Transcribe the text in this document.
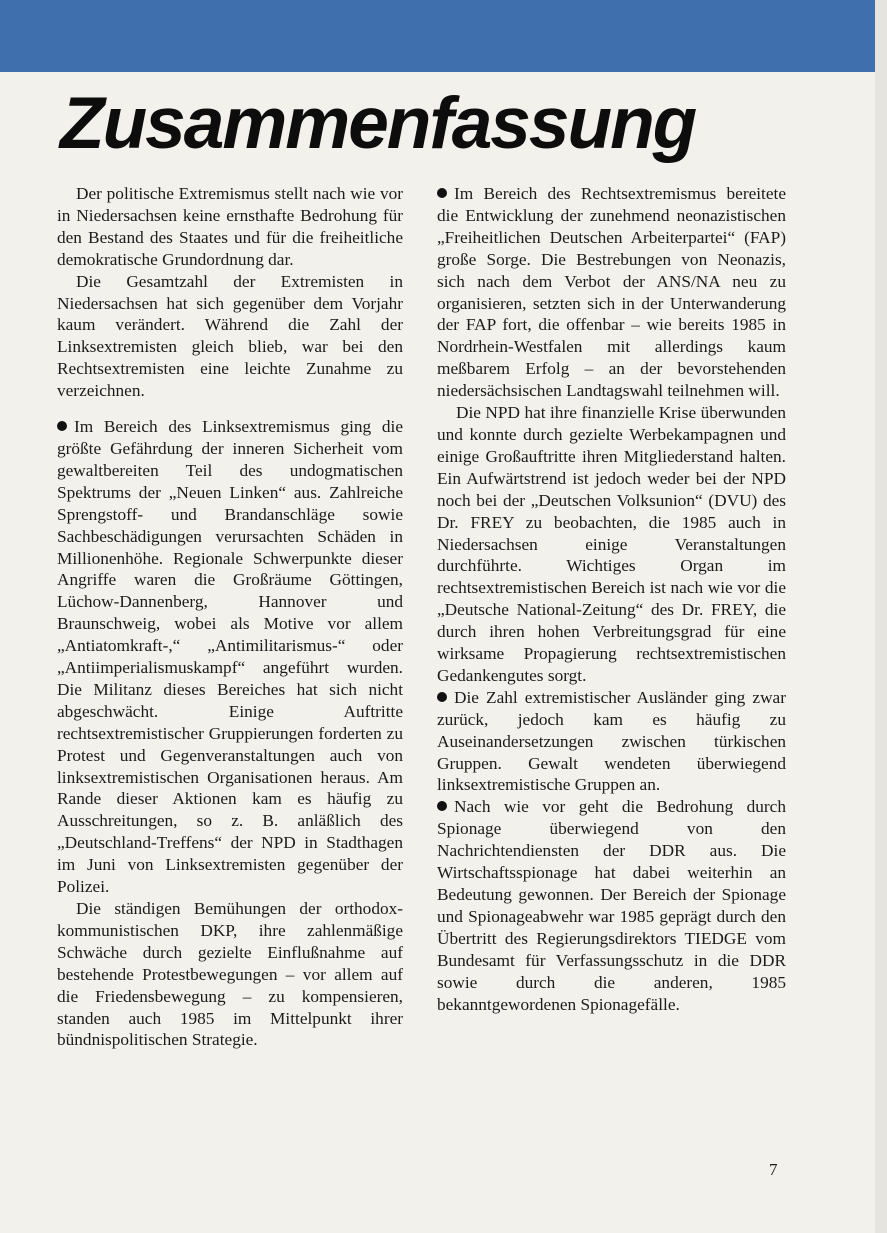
Zusammenfassung

Der politische Extremismus stellt nach wie vor in Niedersachsen keine ernsthafte Bedrohung für den Bestand des Staates und für die freiheitliche demokratische Grundordnung dar.

Die Gesamtzahl der Extremisten in Niedersachsen hat sich gegenüber dem Vorjahr kaum verändert. Während die Zahl der Linksextremisten gleich blieb, war bei den Rechtsextremisten eine leichte Zunahme zu verzeichnen.

Im Bereich des Linksextremismus ging die größte Gefährdung der inneren Sicherheit vom gewaltbereiten Teil des undogmatischen Spektrums der „Neuen Linken“ aus. Zahlreiche Sprengstoff- und Brandanschläge sowie Sachbeschädigungen verursachten Schäden in Millionenhöhe. Regionale Schwerpunkte dieser Angriffe waren die Großräume Göttingen, Lüchow-Dannenberg, Hannover und Braunschweig, wobei als Motive vor allem „Antiatomkraft-,“ „Antimilitarismus-“ oder „Antiimperialismuskampf“ angeführt wurden. Die Militanz dieses Bereiches hat sich nicht abgeschwächt. Einige Auftritte rechtsextremistischer Gruppierungen forderten zu Protest und Gegenveranstaltungen auch von linksextremistischen Organisationen heraus. Am Rande dieser Aktionen kam es häufig zu Ausschreitungen, so z. B. anläßlich des „Deutschland-Treffens“ der NPD in Stadthagen im Juni von Linksextremisten gegenüber der Polizei.

Die ständigen Bemühungen der orthodox-kommunistischen DKP, ihre zahlenmäßige Schwäche durch gezielte Einflußnahme auf bestehende Protestbewegungen – vor allem auf die Friedensbewegung – zu kompensieren, standen auch 1985 im Mittelpunkt ihrer bündnispolitischen Strategie.

Im Bereich des Rechtsextremismus bereitete die Entwicklung der zunehmend neonazistischen „Freiheitlichen Deutschen Arbeiterpartei“ (FAP) große Sorge. Die Bestrebungen von Neonazis, sich nach dem Verbot der ANS/NA neu zu organisieren, setzten sich in der Unterwanderung der FAP fort, die offenbar – wie bereits 1985 in Nordrhein-Westfalen mit allerdings kaum meßbarem Erfolg – an der bevorstehenden niedersächsischen Landtagswahl teilnehmen will.

Die NPD hat ihre finanzielle Krise überwunden und konnte durch gezielte Werbekampagnen und einige Großauftritte ihren Mitgliederstand halten. Ein Aufwärtstrend ist jedoch weder bei der NPD noch bei der „Deutschen Volksunion“ (DVU) des Dr. FREY zu beobachten, die 1985 auch in Niedersachsen einige Veranstaltungen durchführte. Wichtiges Organ im rechtsextremistischen Bereich ist nach wie vor die „Deutsche National-Zeitung“ des Dr. FREY, die durch ihren hohen Verbreitungsgrad für eine wirksame Propagierung rechtsextremistischen Gedankengutes sorgt.

Die Zahl extremistischer Ausländer ging zwar zurück, jedoch kam es häufig zu Auseinandersetzungen zwischen türkischen Gruppen. Gewalt wendeten überwiegend linksextremistische Gruppen an.

Nach wie vor geht die Bedrohung durch Spionage überwiegend von den Nachrichtendiensten der DDR aus. Die Wirtschaftsspionage hat dabei weiterhin an Bedeutung gewonnen. Der Bereich der Spionage und Spionageabwehr war 1985 geprägt durch den Übertritt des Regierungsdirektors TIEDGE vom Bundesamt für Verfassungsschutz in die DDR sowie durch die anderen, 1985 bekanntgewordenen Spionagefälle.

7
